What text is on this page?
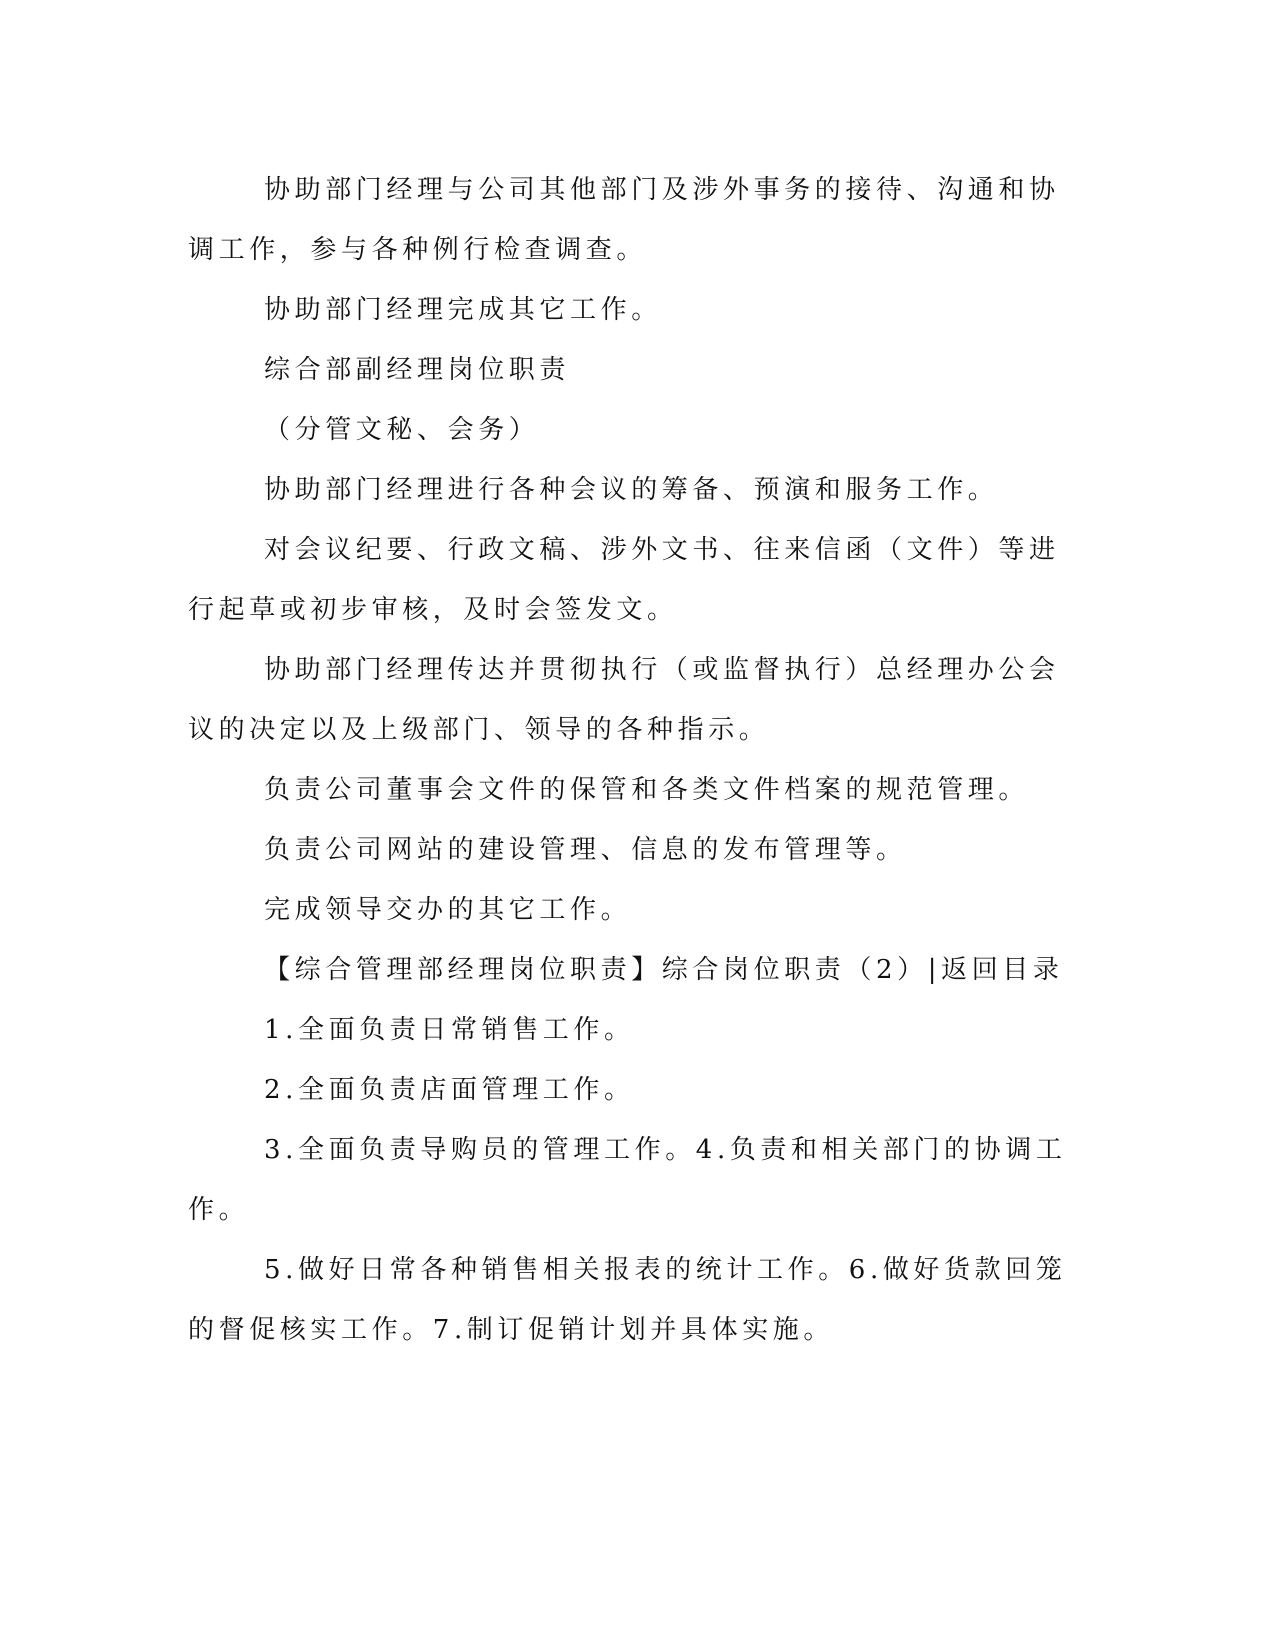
协助部门经理与公司其他部门及涉外事务的接待、沟通和协调工作，参与各种例行检查调查。

协助部门经理完成其它工作。

综合部副经理岗位职责

（分管文秘、会务）

协助部门经理进行各种会议的筹备、预演和服务工作。

对会议纪要、行政文稿、涉外文书、往来信函（文件）等进行起草或初步审核，及时会签发文。

协助部门经理传达并贯彻执行（或监督执行）总经理办公会议的决定以及上级部门、领导的各种指示。

负责公司董事会文件的保管和各类文件档案的规范管理。

负责公司网站的建设管理、信息的发布管理等。

完成领导交办的其它工作。

【综合管理部经理岗位职责】综合岗位职责（2）|返回目录

1.全面负责日常销售工作。

2.全面负责店面管理工作。

3.全面负责导购员的管理工作。4.负责和相关部门的协调工作。

5.做好日常各种销售相关报表的统计工作。6.做好货款回笼的督促核实工作。7.制订促销计划并具体实施。
